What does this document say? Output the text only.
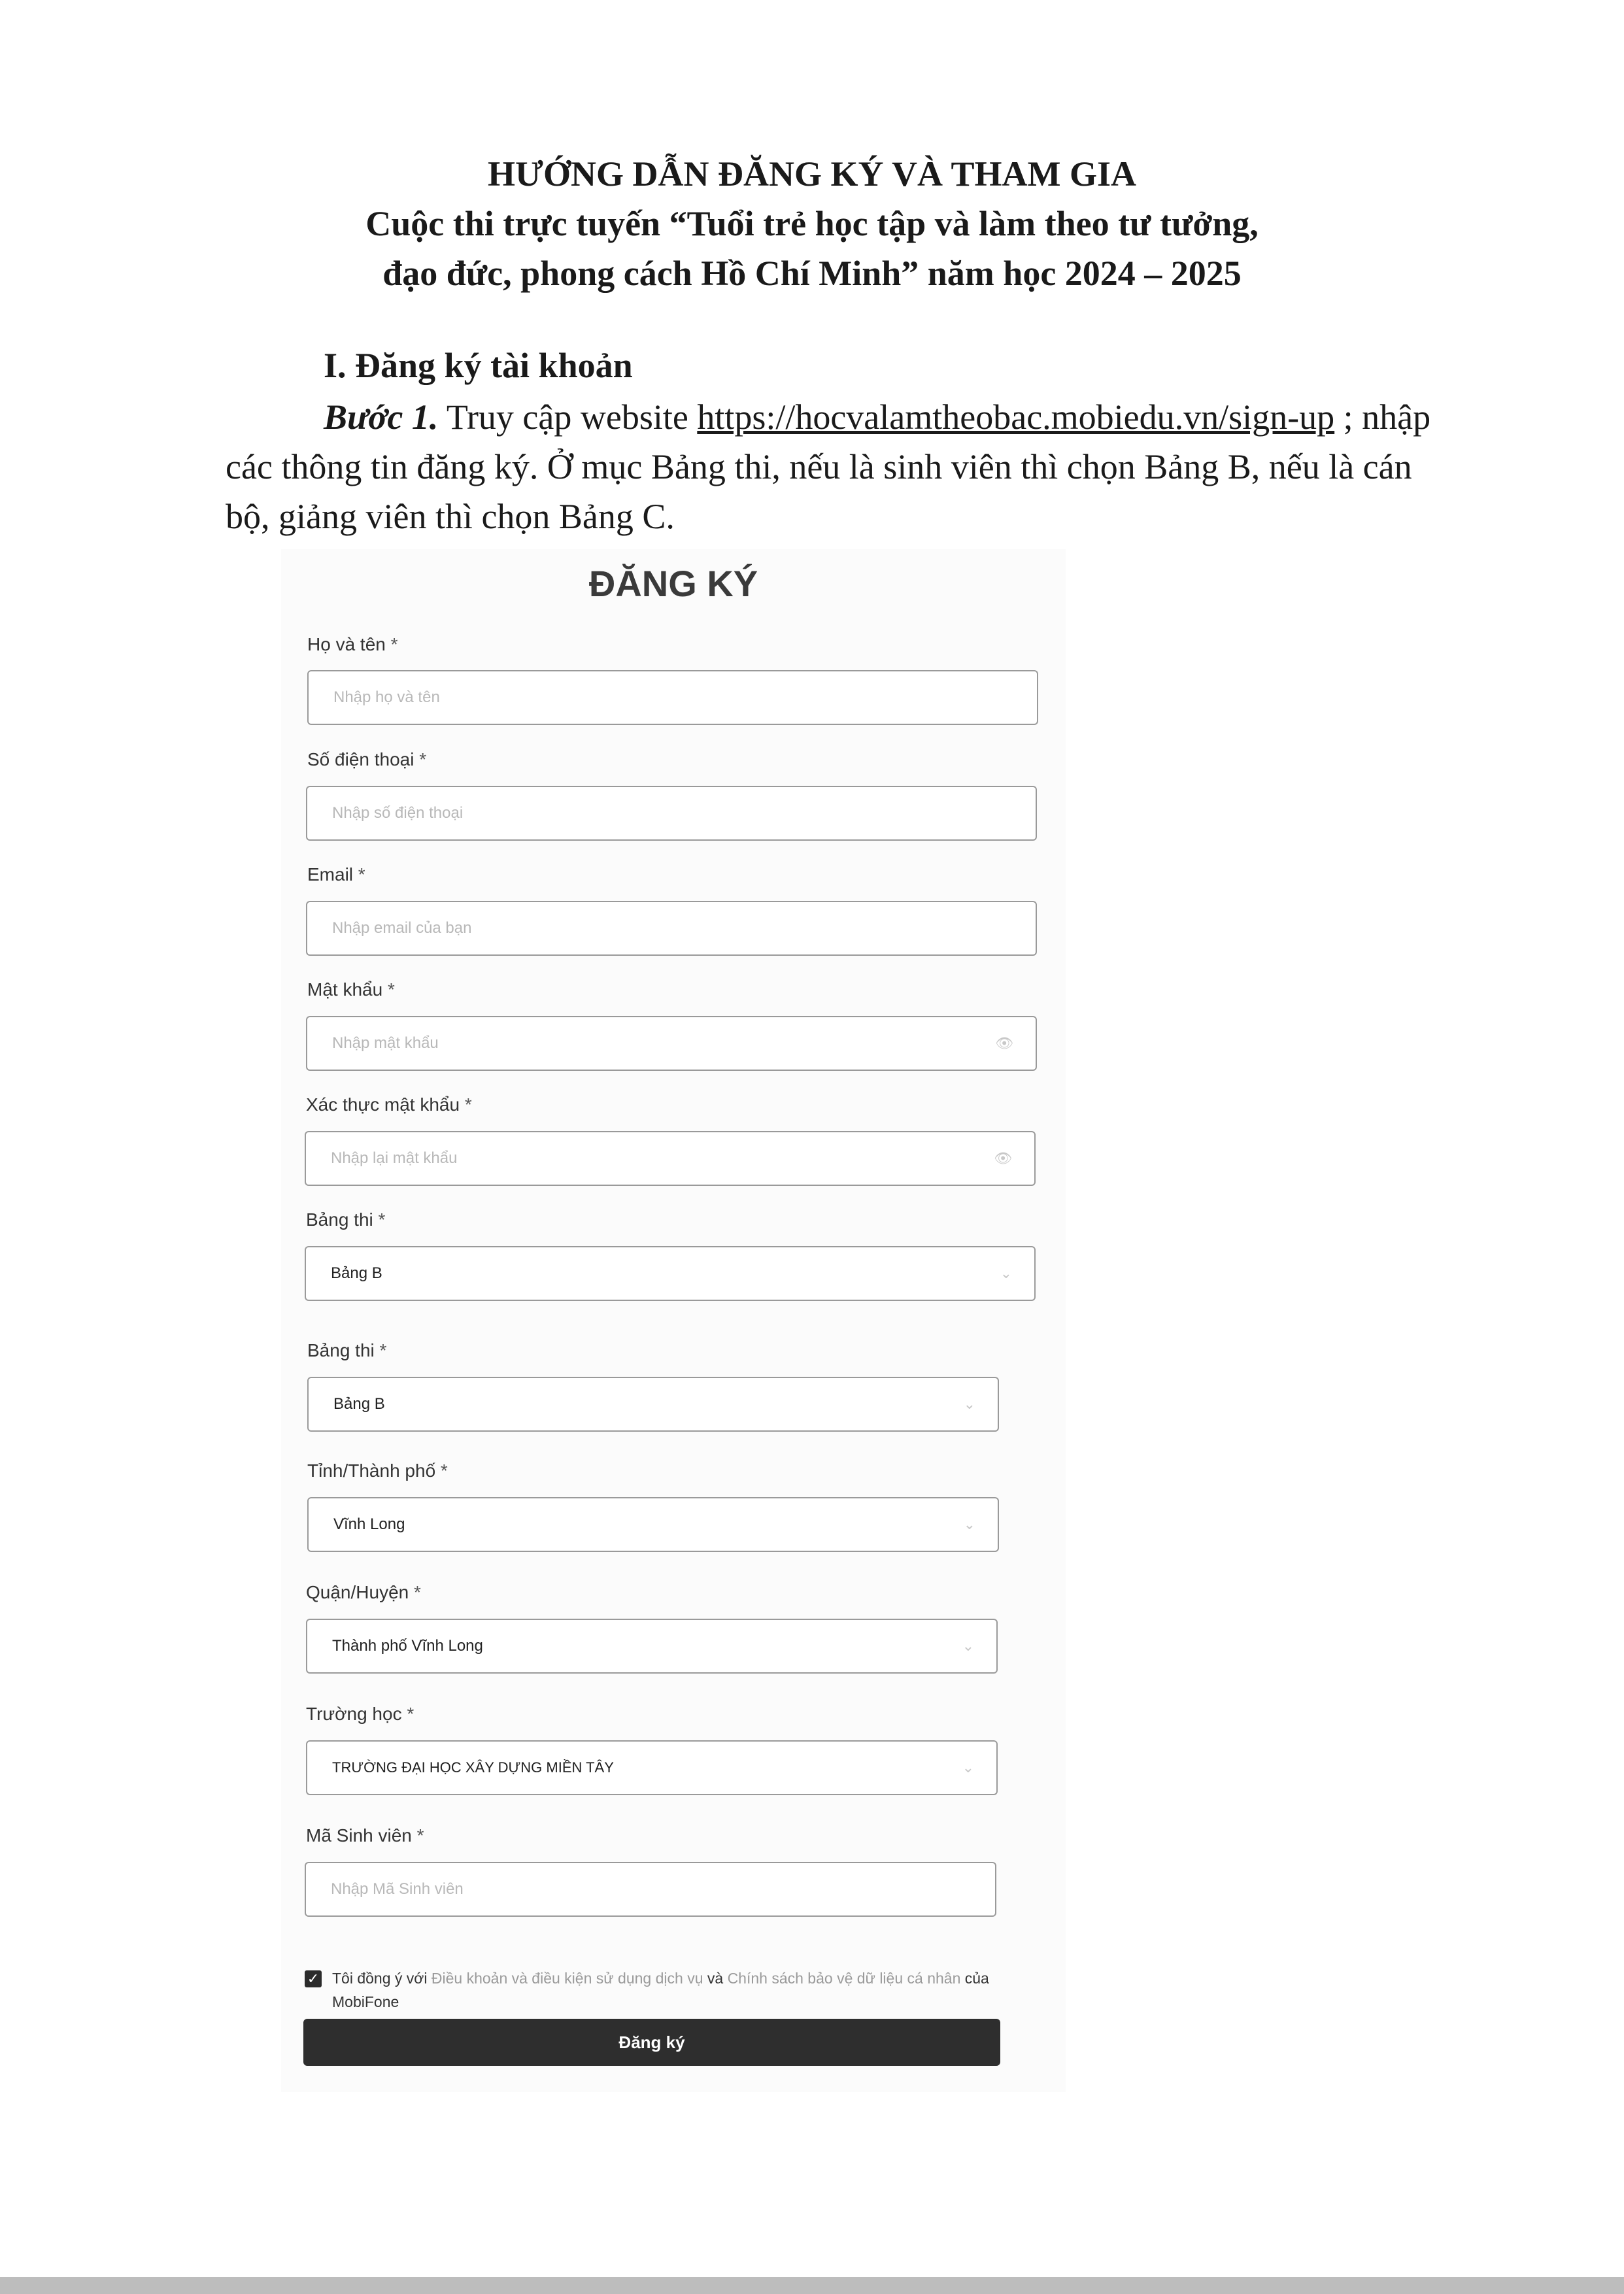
HƯỚNG DẪN ĐĂNG KÝ VÀ THAM GIA
Cuộc thi trực tuyến “Tuổi trẻ học tập và làm theo tư tưởng,
đạo đức, phong cách Hồ Chí Minh” năm học 2024 – 2025
I. Đăng ký tài khoản
Bước 1. Truy cập website https://hocvalamtheobac.mobiedu.vn/sign-up ; nhập các thông tin đăng ký. Ở mục Bảng thi, nếu là sinh viên thì chọn Bảng B, nếu là cán bộ, giảng viên thì chọn Bảng C.
ĐĂNG KÝ
Họ và tên *
Nhập họ và tên
Số điện thoại *
Nhập số điện thoại
Email *
Nhập email của bạn
Mật khẩu *
Nhập mật khẩu	👁
Xác thực mật khẩu *
Nhập lại mật khẩu	👁
Bảng thi *
Bảng B	⌄
Bảng thi *
Bảng B	⌄
Tỉnh/Thành phố *
Vĩnh Long	⌄
Quận/Huyện *
Thành phố Vĩnh Long	⌄
Trường học *
TRƯỜNG ĐẠI HỌC XÂY DỰNG MIỀN TÂY	⌄
Mã Sinh viên *
Nhập Mã Sinh viên
✓ Tôi đồng ý với Điều khoản và điều kiện sử dụng dịch vụ và Chính sách bảo vệ dữ liệu cá nhân của MobiFone
Đăng ký
